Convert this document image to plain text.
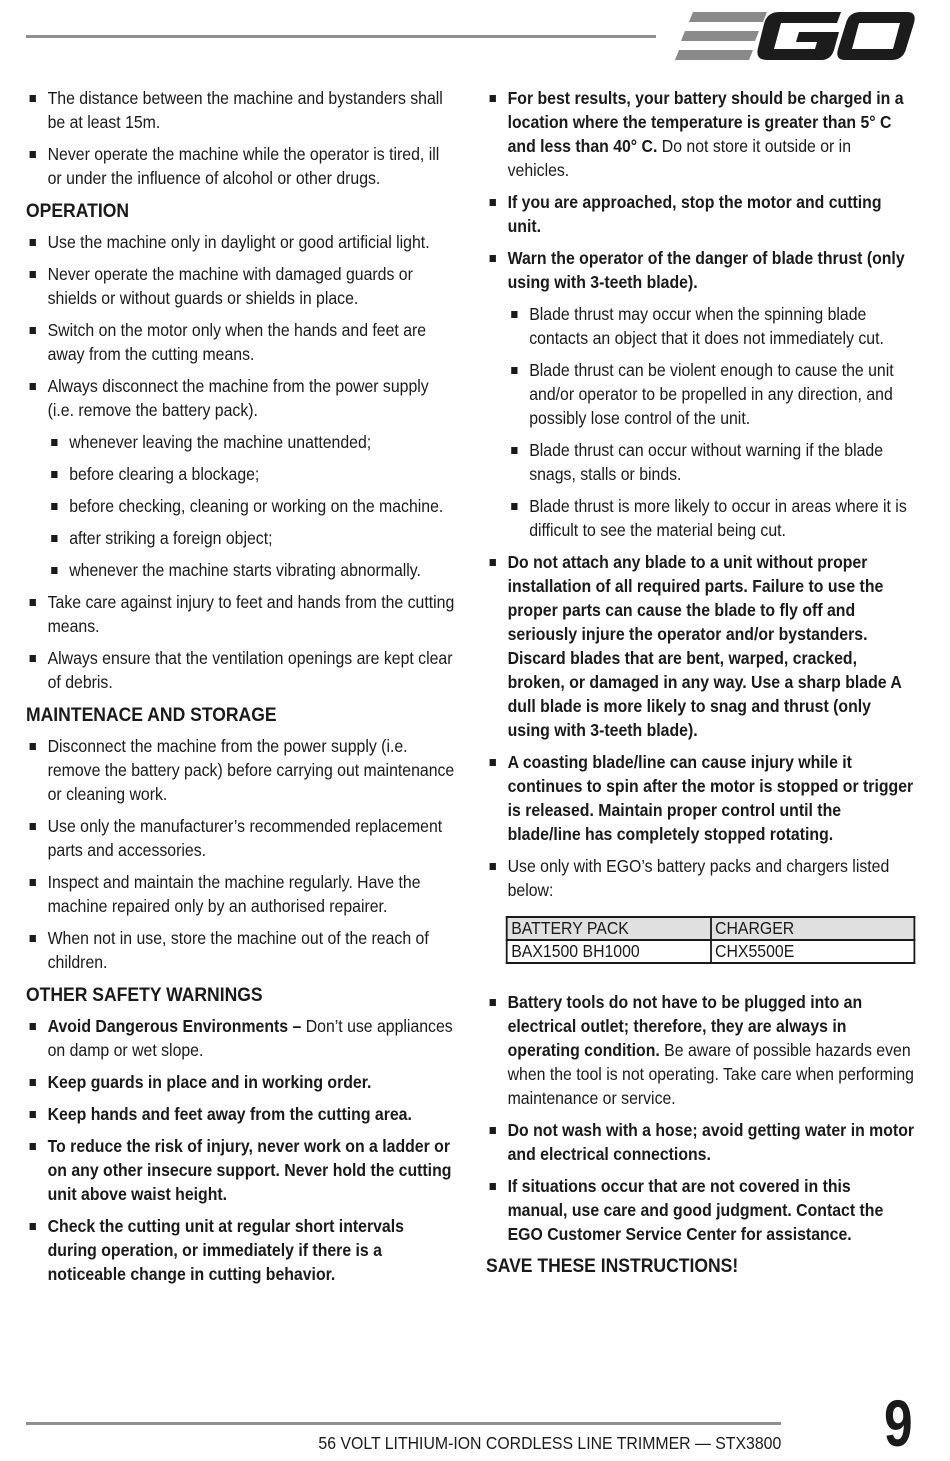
The distance between the machine and bystanders shall be at least 15m.
Never operate the machine while the operator is tired, ill or under the influence of alcohol or other drugs.
OPERATION
Use the machine only in daylight or good artificial light.
Never operate the machine with damaged guards or shields or without guards or shields in place.
Switch on the motor only when the hands and feet are away from the cutting means.
Always disconnect the machine from the power supply (i.e. remove the battery pack).
whenever leaving the machine unattended;
before clearing a blockage;
before checking, cleaning or working on the machine.
after striking a foreign object;
whenever the machine starts vibrating abnormally.
Take care against injury to feet and hands from the cutting means.
Always ensure that the ventilation openings are kept clear of debris.
MAINTENACE AND STORAGE
Disconnect the machine from the power supply (i.e. remove the battery pack) before carrying out maintenance or cleaning work.
Use only the manufacturer’s recommended replacement parts and accessories.
Inspect and maintain the machine regularly. Have the machine repaired only by an authorised repairer.
When not in use, store the machine out of the reach of children.
OTHER SAFETY WARNINGS
Avoid Dangerous Environments – Don’t use appliances on damp or wet slope.
Keep guards in place and in working order.
Keep hands and feet away from the cutting area.
To reduce the risk of injury, never work on a ladder or on any other insecure support. Never hold the cutting unit above waist height.
Check the cutting unit at regular short intervals during operation, or immediately if there is a noticeable change in cutting behavior.
For best results, your battery should be charged in a location where the temperature is greater than 5° C and less than 40° C. Do not store it outside or in vehicles.
If you are approached, stop the motor and cutting unit.
Warn the operator of the danger of blade thrust (only using with 3-teeth blade).
Blade thrust may occur when the spinning blade contacts an object that it does not immediately cut.
Blade thrust can be violent enough to cause the unit and/or operator to be propelled in any direction, and possibly lose control of the unit.
Blade thrust can occur without warning if the blade snags, stalls or binds.
Blade thrust is more likely to occur in areas where it is difficult to see the material being cut.
Do not attach any blade to a unit without proper installation of all required parts. Failure to use the proper parts can cause the blade to fly off and seriously injure the operator and/or bystanders. Discard blades that are bent, warped, cracked, broken, or damaged in any way. Use a sharp blade A dull blade is more likely to snag and thrust (only using with 3-teeth blade).
A coasting blade/line can cause injury while it continues to spin after the motor is stopped or trigger is released. Maintain proper control until the blade/line has completely stopped rotating.
Use only with EGO’s battery packs and chargers listed below:
BATTERY PACK	CHARGER
BAX1500 BH1000	CHX5500E
Battery tools do not have to be plugged into an electrical outlet; therefore, they are always in operating condition. Be aware of possible hazards even when the tool is not operating. Take care when performing maintenance or service.
Do not wash with a hose; avoid getting water in motor and electrical connections.
If situations occur that are not covered in this manual, use care and good judgment. Contact the EGO Customer Service Center for assistance.
SAVE THESE INSTRUCTIONS!
56 VOLT LITHIUM-ION CORDLESS LINE TRIMMER — STX3800 9
